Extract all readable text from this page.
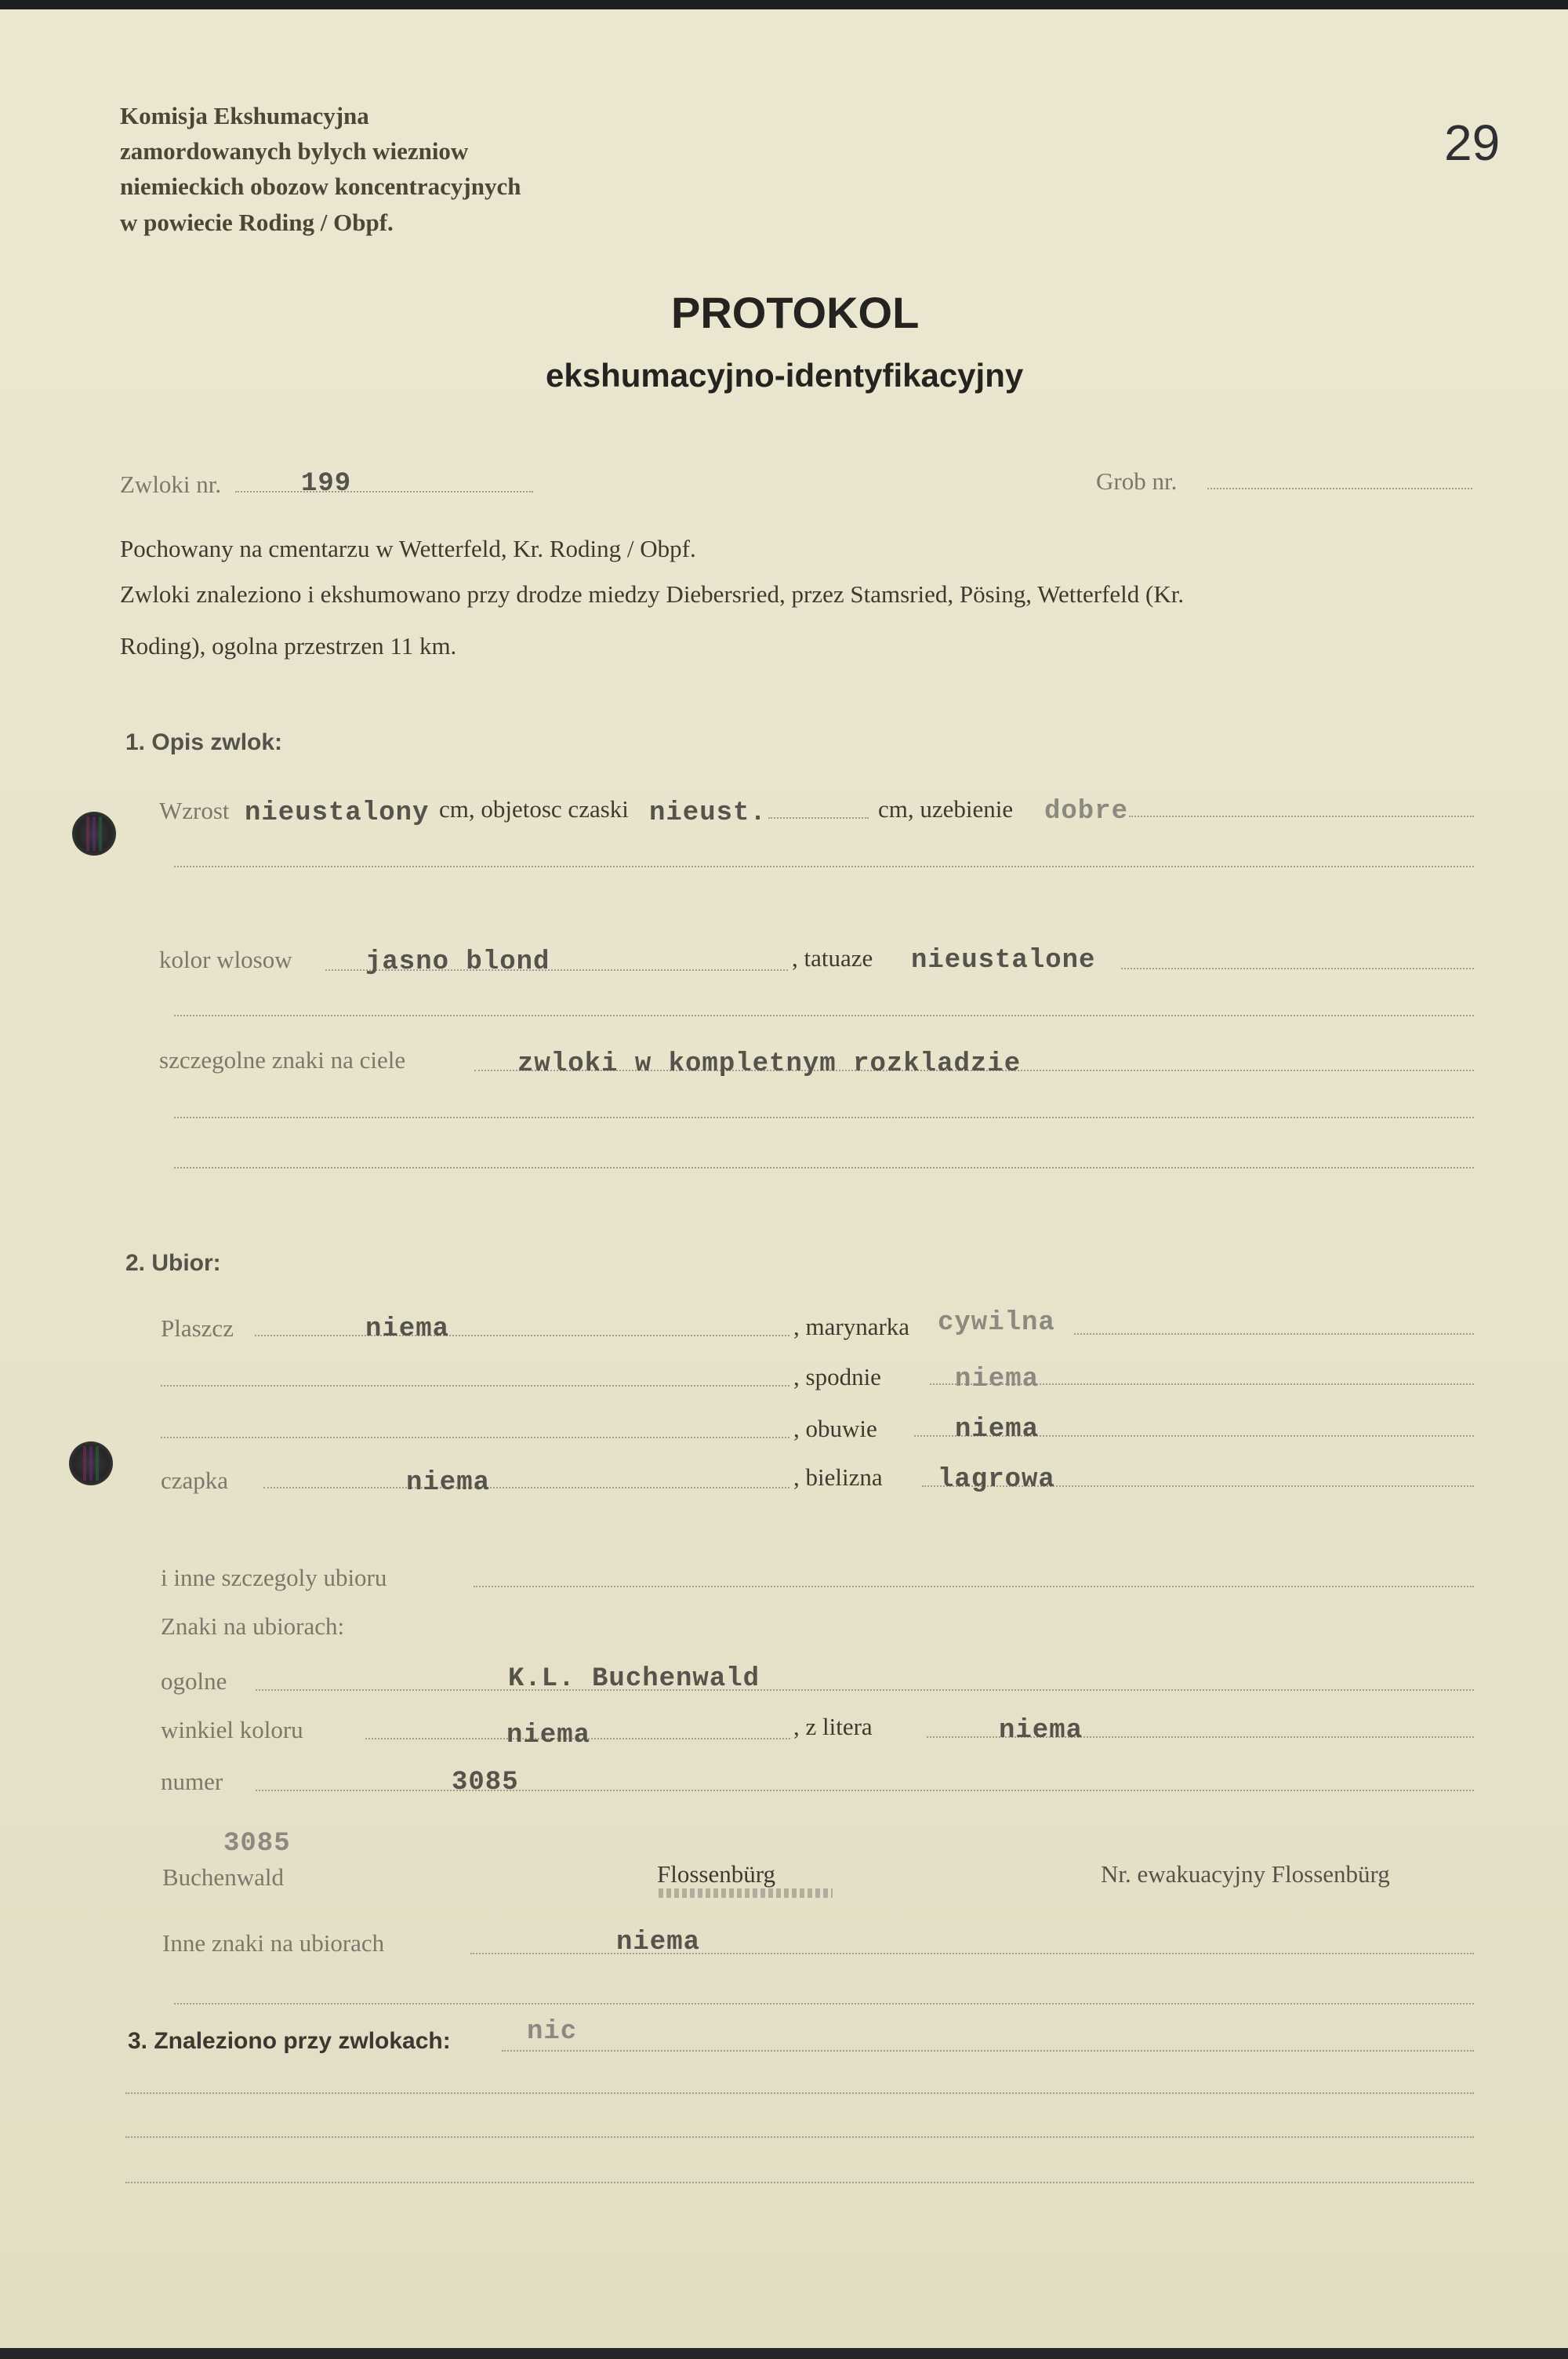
Komisja Ekshumacyjna
zamordowanych bylych wiezniow
niemieckich obozow koncentracyjnych
w powiecie Roding / Obpf.
29
PROTOKOL
ekshumacyjno-identyfikacyjny
Zwloki nr.	199	Grob nr.
Pochowany na cmentarzu w Wetterfeld, Kr. Roding / Obpf.
Zwloki znaleziono i ekshumowano przy drodze miedzy Diebersried, przez Stamsried, Pösing, Wetterfeld (Kr.
Roding), ogolna przestrzen 11 km.
1. Opis zwlok:
Wzrost nieustalony cm, objetosc czaski nieust.	cm, uzebienie dobre
kolor wlosow	jasno blond	, tatuaze nieustalone
szczegolne znaki na ciele	zwloki w kompletnym rozkladzie
2. Ubior:
Plaszcz	niema	, marynarka cywilna
, spodnie	niema
, obuwie	niema
czapka	niema	, bielizna lagrowa
i inne szczegoly ubioru
Znaki na ubiorach:
ogolne	K.L. Buchenwald
winkiel koloru	niema	, z litera	niema
numer	3085
3085
Buchenwald	Flossenbürg	Nr. ewakuacyjny Flossenbürg
Inne znaki na ubiorach	niema
3. Znaleziono przy zwlokach:	nic
